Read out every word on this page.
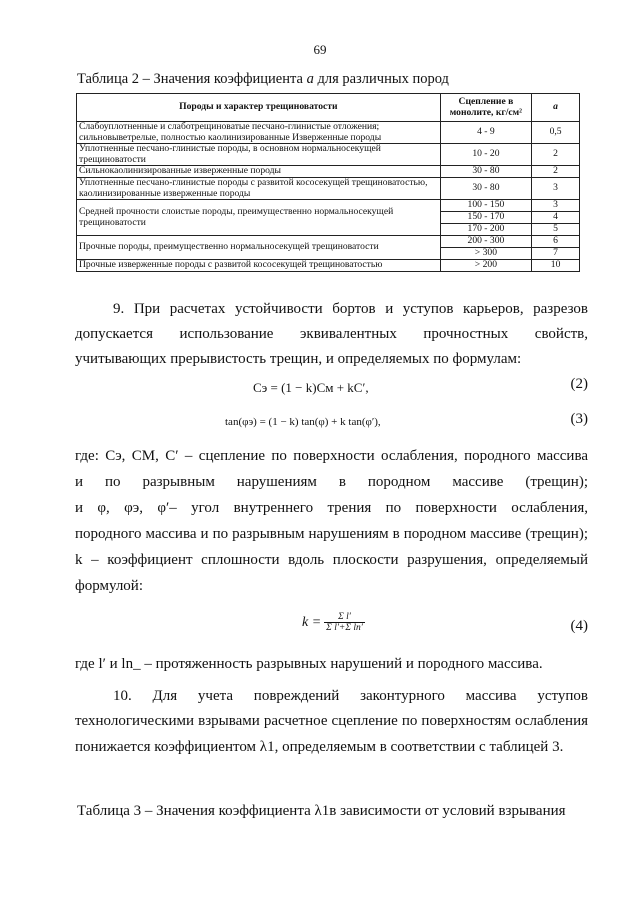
69
Таблица 2 – Значения коэффициента a для различных пород
Породы и характер трещиноватости	Сцепление в монолите, кг/см²	a
Слабоуплотненные и слаботрещиноватые песчано-глинистые отложения; сильновыветрелые, полностью каолинизированные Изверженные породы	4 - 9	0,5
Уплотненные песчано-глинистые породы, в основном нормальносекущей трещиноватости	10 - 20	2
Сильнокаолинизированные изверженные породы	30 - 80	2
Уплотненные песчано-глинистые породы с развитой кососекущей трещиноватостью, каолинизированные изверженные породы	30 - 80	3
Средней прочности слоистые породы, преимущественно нормальносекущей трещиноватости	100 - 150	3
	150 - 170	4
	170 - 200	5
Прочные породы, преимущественно нормальносекущей трещиноватости	200 - 300	6
	> 300	7
Прочные изверженные породы с развитой кососекущей трещиноватостью	> 200	10
9. При расчетах устойчивости бортов и уступов карьеров, разрезов
допускается использование эквивалентных прочностных свойств,
учитывающих прерывистость трещин, и определяемых по формулам:
Cэ = (1 − k)Cм + kC′,	(2)
tan(φэ) = (1 − k) tan(φ) + k tan(φ′),	(3)
где: Cэ, CМ, C′ – сцепление по поверхности ослабления, породного массива
и по разрывным нарушениям в породном массиве (трещин);
и φ, φэ, φ′– угол внутреннего трения по поверхности ослабления,
породного массива и по разрывным нарушениям в породном массиве (трещин);
k – коэффициент сплошности вдоль плоскости разрушения, определяемый
формулой:
k =	Σ l′
Σ l′+Σ lп′	(4)
где l′ и ln_ – протяженность разрывных нарушений и породного массива.
10. Для учета повреждений законтурного массива уступов
технологическими взрывами расчетное сцепление по поверхностям ослабления
понижается коэффициентом λ1, определяемым в соответствии с таблицей 3.
Таблица 3 – Значения коэффициента λ1в зависимости от условий взрывания
